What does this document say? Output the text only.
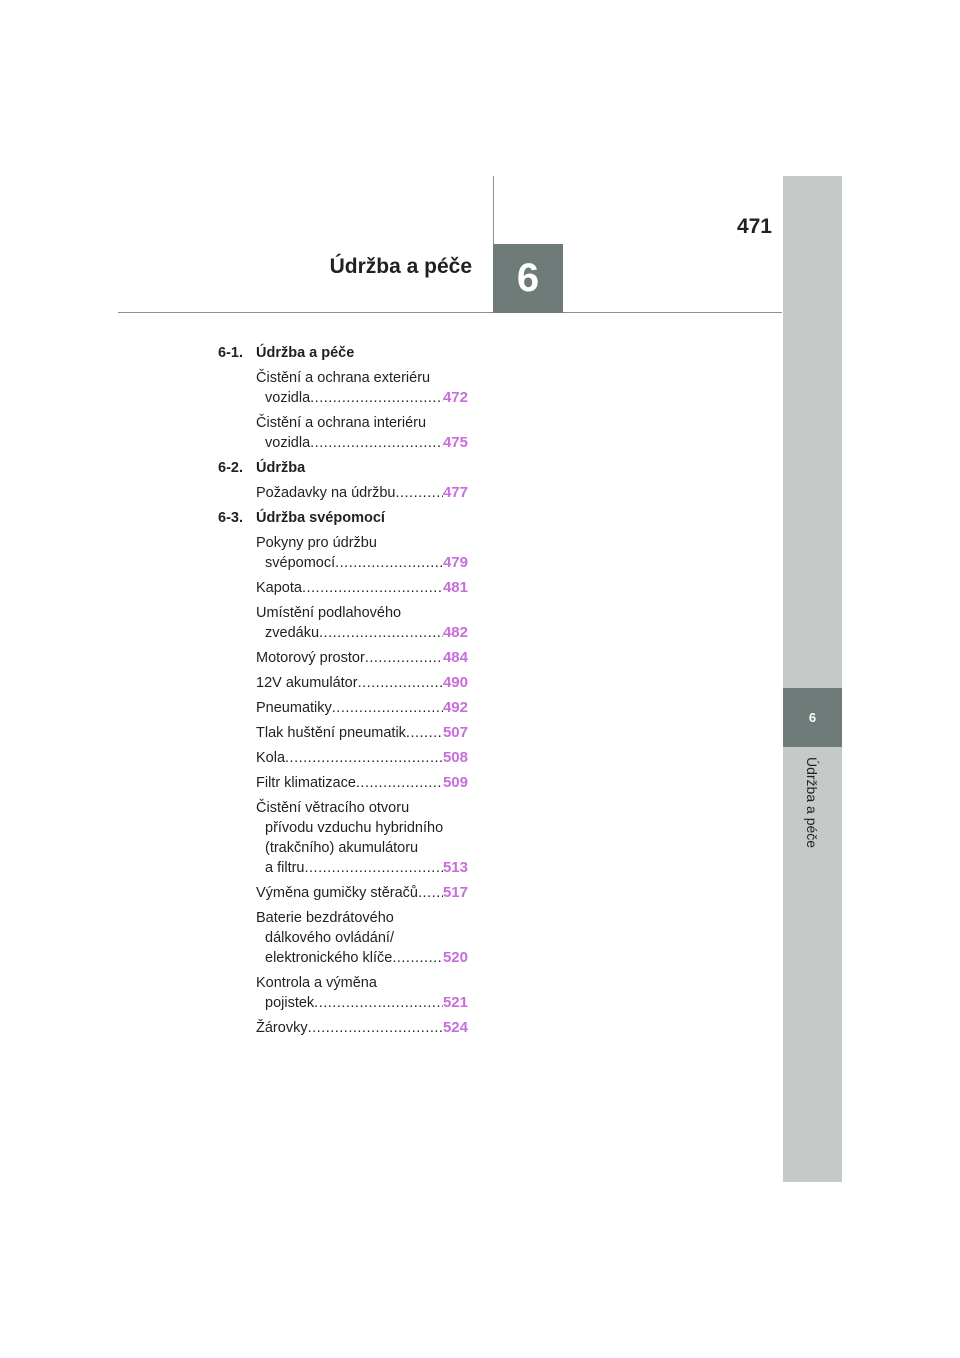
6
Údržba a péče
6
471
Údržba a péče
6-1. Údržba a péče
Čistění a ochrana exteriéru
vozidla .....	472
Čistění a ochrana interiéru
vozidla .....	475
6-2. Údržba
Požadavky na údržbu .....	477
6-3. Údržba svépomocí
Pokyny pro údržbu
svépomocí .....	479
Kapota .....	481
Umístění podlahového
zvedáku .....	482
Motorový prostor .....	484
12V akumulátor .....	490
Pneumatiky .....	492
Tlak huštění pneumatik ..... 507
Kola .....	508
Filtr klimatizace .....	509
Čistění větracího otvoru
přívodu vzduchu hybridního
(trakčního) akumulátoru
a filtru .....	513
Výměna gumičky stěračů ..... 517
Baterie bezdrátového
dálkového ovládání/
elektronického klíče .....	520
Kontrola a výměna
pojistek .....	521
Žárovky .....	524
